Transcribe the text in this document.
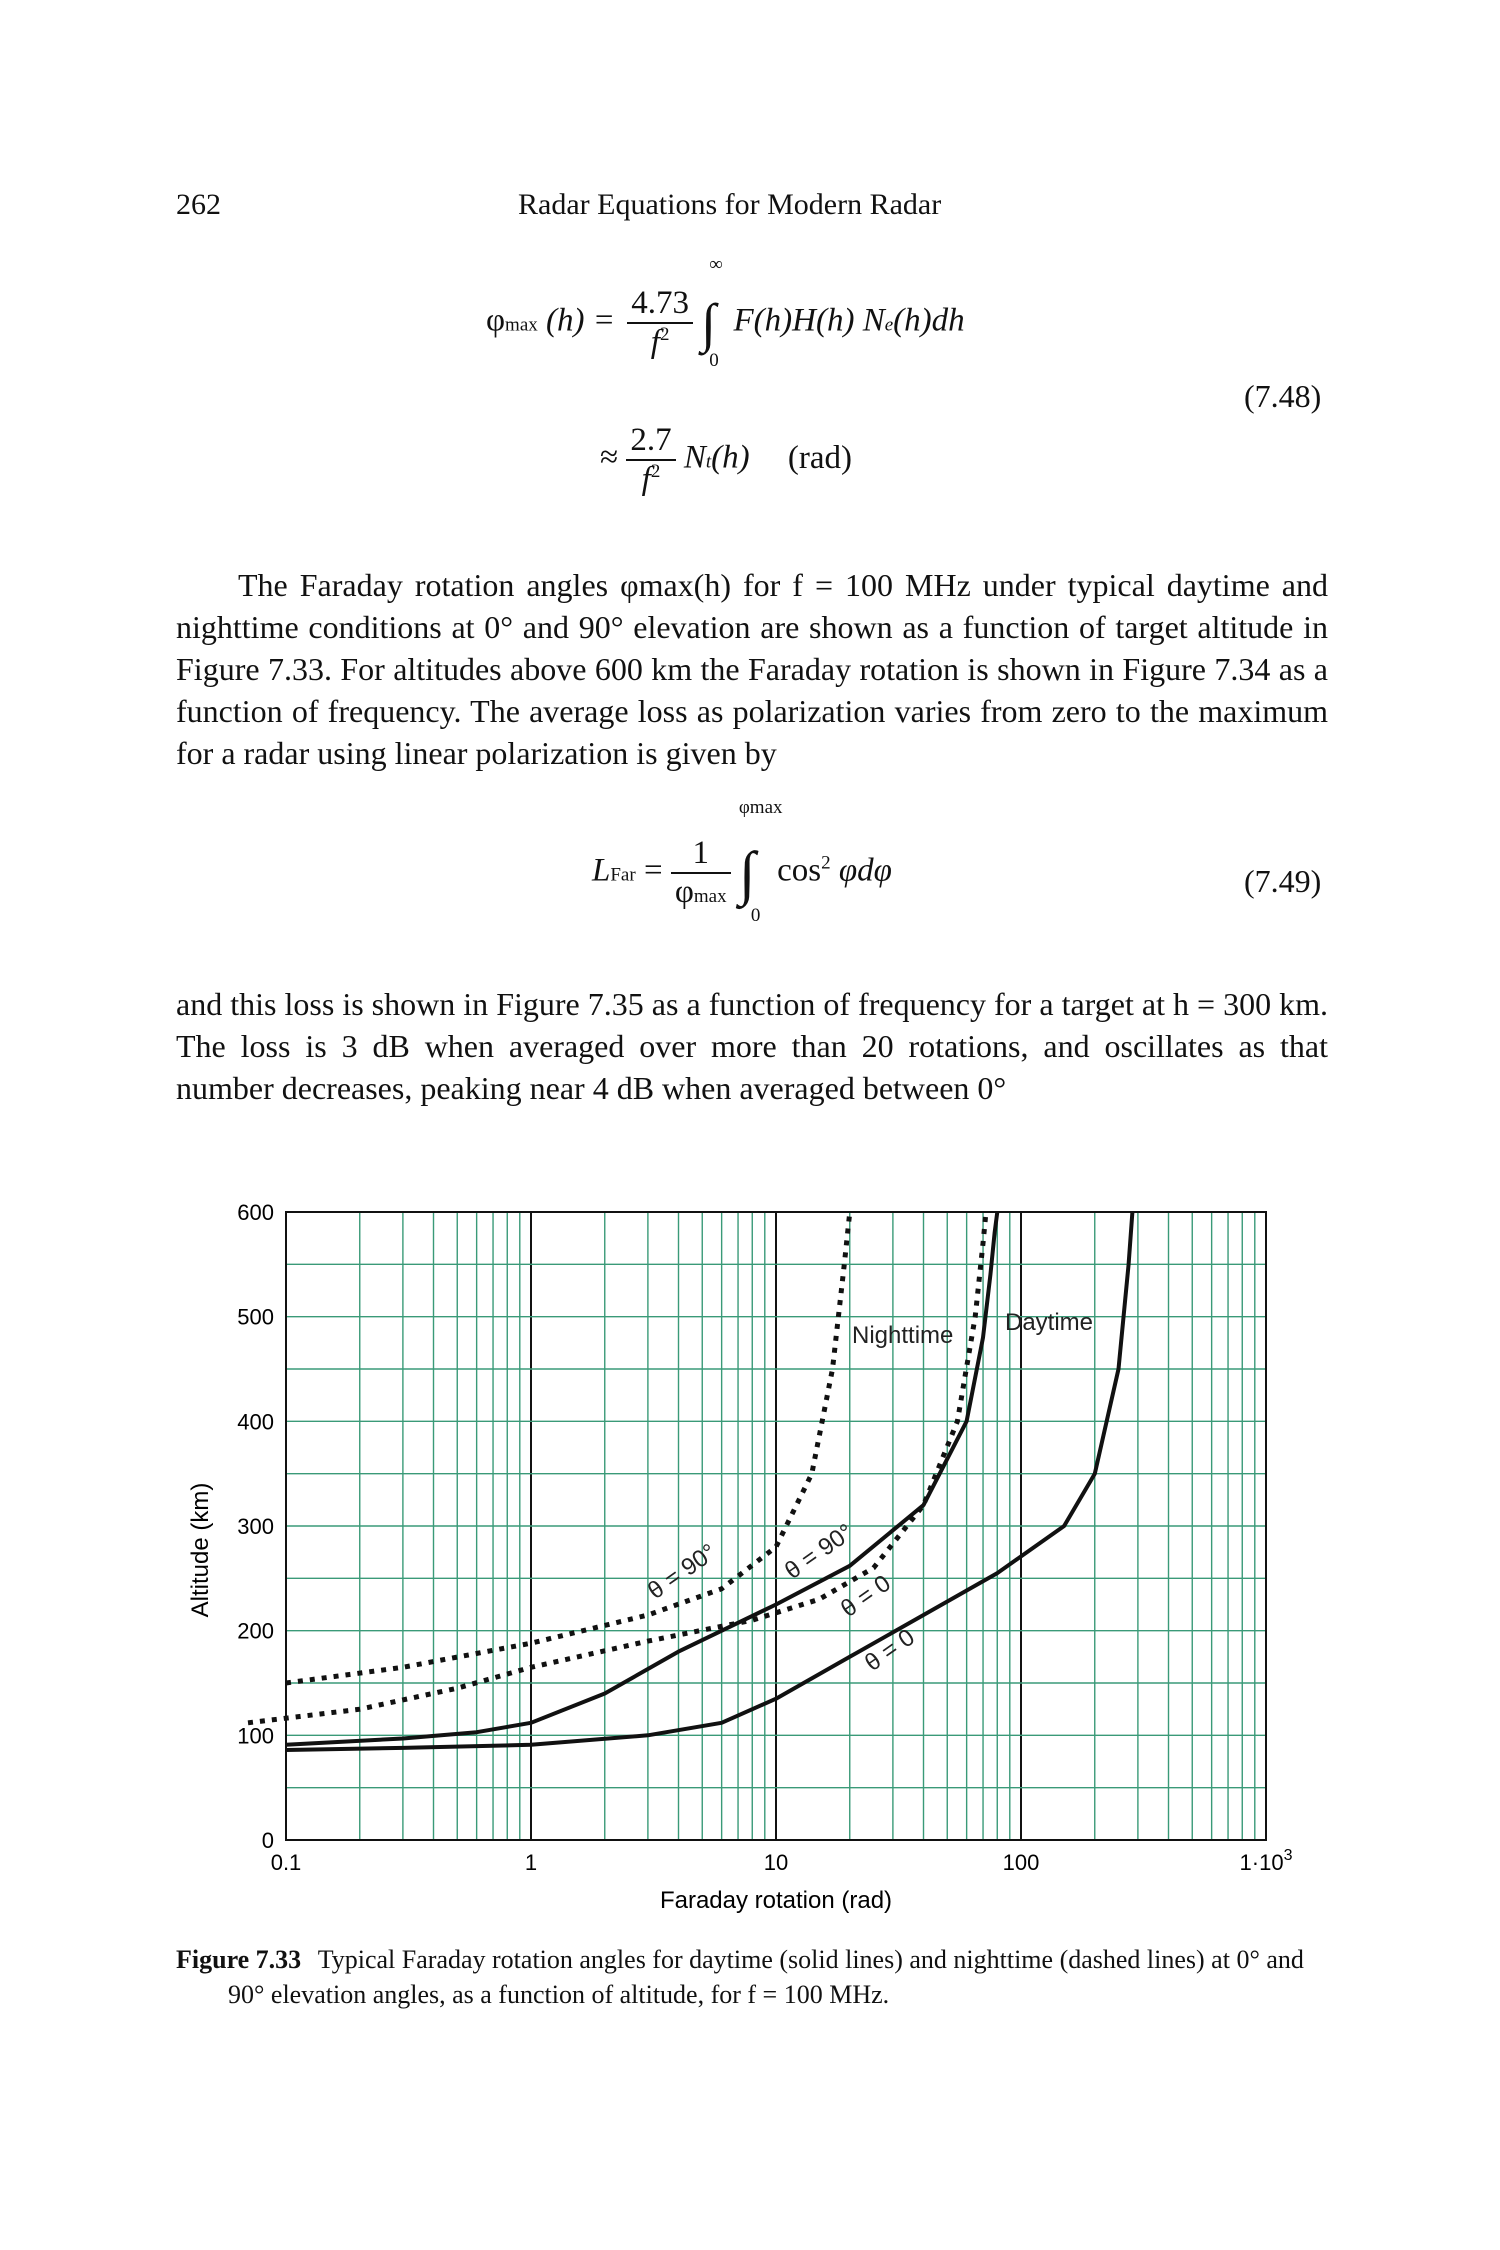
262	Radar Equations for Modern Radar
φmax $(h) = \frac{4.73}{f^2}$

∞
∫
0
F(h)H(h) Ne(h)dh
(7.48)
≈ $\frac{2.7}{f^2} Nt(h)$ (rad)

The Faraday rotation angles φmax(h) for f = 100 MHz under typical daytime and nighttime conditions at 0° and 90° elevation are shown as a function of target altitude in Figure 7.33. For altitudes above 600 km the Faraday rotation is shown in Figure 7.34 as a function of frequency. The average loss as polarization varies from zero to the maximum for a radar using linear polarization is given by

LFar = $\frac{1}{\varphi\max}$

φmax
∫
0
$\cos^2 \varphi d\varphi$	(7.49)

and this loss is shown in Figure 7.35 as a function of frequency for a target at h = 300 km. The loss is 3 dB when averaged over more than 20 rotations, and oscillates as that number decreases, peaking near 4 dB when averaged between 0°

0
100
200
300
400
500
600
0.1	1	10	100	$1\cdot 10^3$
Nighttime Daytime
θ = 90° θ = 90°
θ = 0
θ = 0
Faraday rotation (rad)
Altitude (km)
Figure 7.33 Typical Faraday rotation angles for daytime (solid lines) and nighttime (dashed lines) at 0° and 90° elevation angles, as a function of altitude, for f = 100 MHz.
